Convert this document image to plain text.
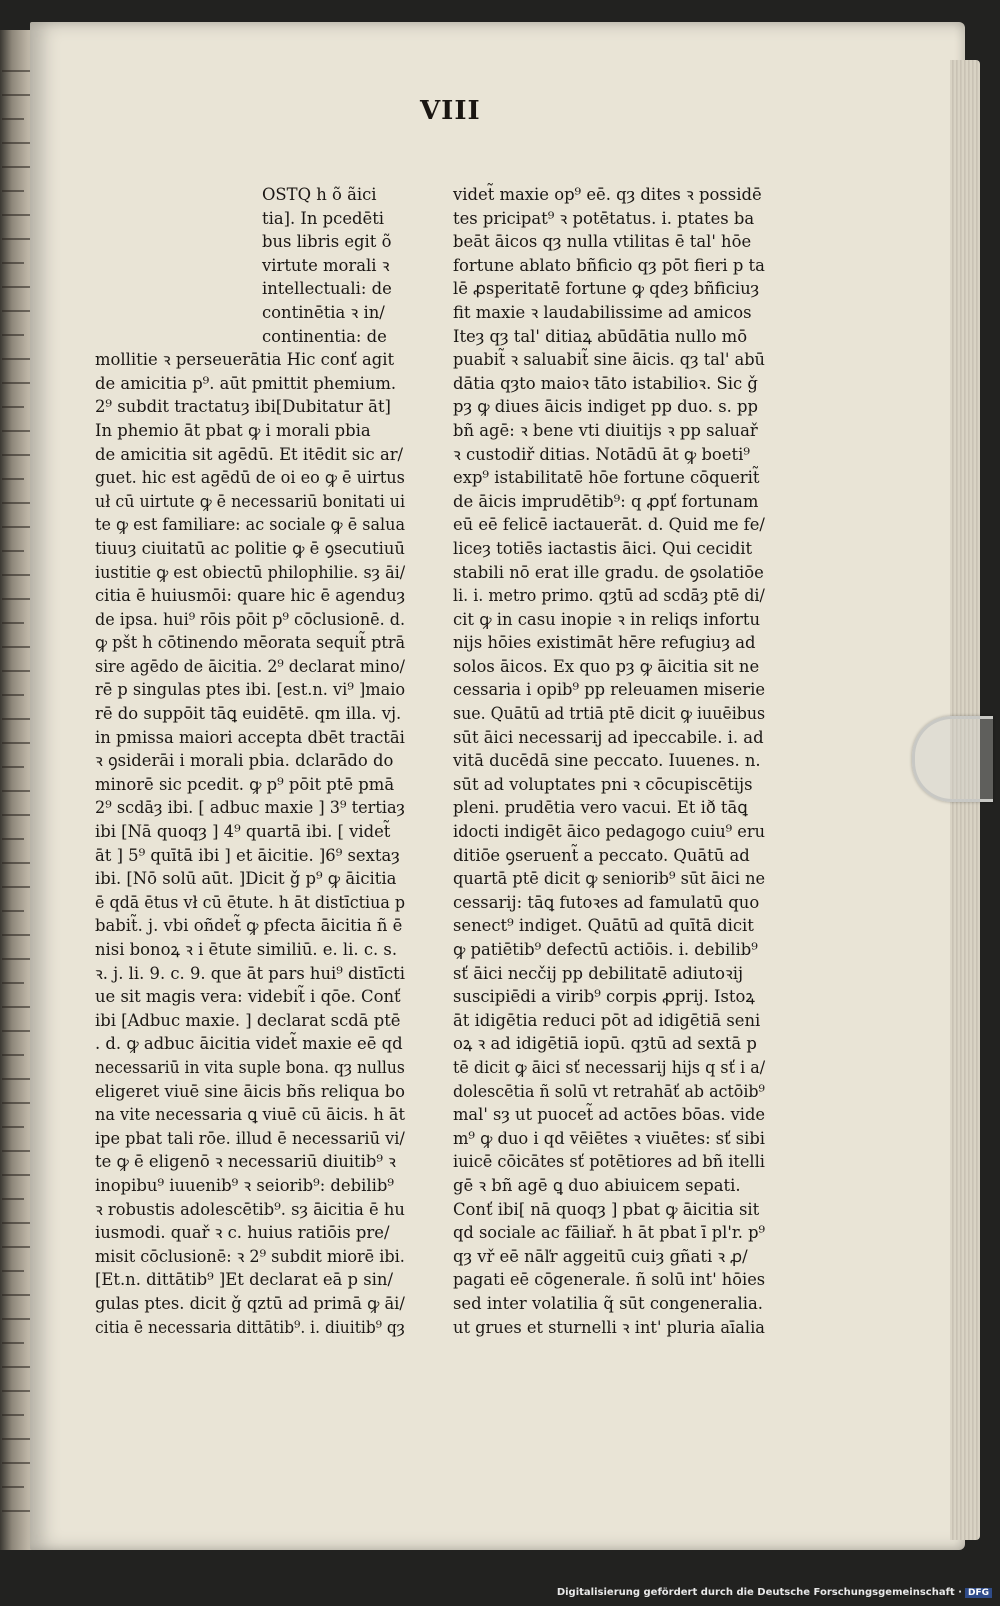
VIII
OSTQ h õ ãici
tia]. In pcedēti
bus libris egit õ
virtute morali ꝛ
intellectuali: de
continētia ꝛ in/
continentia: de
mollitie ꝛ perseuerātia Hic conť agit
de amicitia p⁹. aūt pmittit phemium.
2⁹ subdit tractatuȝ ibi[Dubitatur āt]
In phemio āt pbat ꝙ i morali pbia
de amicitia sit agēdū. Et itēdit sic ar/
guet. hic est agēdū de oi eo ꝙ ē uirtus
uł cū uirtute ꝙ ē necessariū bonitati ui
te ꝙ est familiare: ac sociale ꝙ ē salua
tiuuȝ ciuitatū ac politie ꝙ ē ꝯsecutiuū
iustitie ꝙ est obiectū philophilie. sȝ āi/
citia ē huiusmōi: quare hic ē agenduȝ
de ipsa. hui⁹ rōis pōit p⁹ cōclusionē. d.
ꝙ pšt h cōtinendo mēorata sequit̃ ptrā
sire agēdo de āicitia. 2⁹ declarat mino/
rē p singulas ptes ibi. [est.n. vi⁹ ]maio
rē do suppōit tāꝗ euidētē. qm illa. vj.
in pmissa maiori accepta dbēt tractāi
ꝛ ꝯsiderāi i morali pbia. dclarādo do
minorē sic pcedit. ꝙ p⁹ pōit ptē pmā
2⁹ scdāȝ ibi. [ adbuc maxie ] 3⁹ tertiaȝ
ibi [Nā quoqȝ ] 4⁹ quartā ibi. [ videt̃
āt ] 5⁹ quītā ibi ] et āicitie. ]6⁹ sextaȝ
ibi. [Nō solū aūt. ]Dicit ǧ p⁹ ꝙ āicitia
ē qdā ētus vł cū ētute. h āt distīctiua p
babit̃. j. vbi oñdet̃ ꝙ pfecta āicitia ñ ē
nisi bonoꝝ ꝛ i ētute similiū. e. li. c. s.
ꝛ. j. li. 9. c. 9. que āt pars hui⁹ distīcti
ue sit magis vera: videbit̃ i qōe. Conť
ibi [Adbuc maxie. ] declarat scdā ptē
. d. ꝙ adbuc āicitia videt̃ maxie eē qd
necessariū in vita suple bona. qȝ nullus
eligeret viuē sine āicis bñs reliqua bo
na vite necessaria ꝗ viuē cū āicis. h āt
ipe pbat tali rōe. illud ē necessariū vi/
te ꝙ ē eligenō ꝛ necessariū diuitib⁹ ꝛ
inopibu⁹ iuuenib⁹ ꝛ seiorib⁹: debilib⁹
ꝛ robustis adolescētib⁹. sȝ āicitia ē hu
iusmodi. quař ꝛ c. huius ratiōis pre/
misit cōclusionē: ꝛ 2⁹ subdit miorē ibi.
[Et.n. dittātib⁹ ]Et declarat eā p sin/
gulas ptes. dicit ǧ qztū ad primā ꝙ āi/
citia ē necessaria dittātib⁹. i. diuitib⁹ qȝ
videt̃ maxie op⁹ eē. qȝ dites ꝛ possidē
tes pricipat⁹ ꝛ potētatus. i. ptates ba
beāt āicos qȝ nulla vtilitas ē tal' hōe
fortune ablato bñficio qȝ pōt fieri p ta
lē ꝓsperitatē fortune ꝙ qdeȝ bñficiuȝ
fit maxie ꝛ laudabilissime ad amicos
Iteȝ qȝ tal' ditiaꝝ abūdātia nullo mō
puabit̃ ꝛ saluabit̃ sine āicis. qȝ tal' abū
dātia qȝto maioꝛ tāto istabilioꝛ. Sic ǧ
pȝ ꝙ diues āicis indiget pp duo. s. pp
bñ agē: ꝛ bene vti diuitijs ꝛ pp saluař
ꝛ custodiř ditias. Notādū āt ꝙ boeti⁹
exp⁹ istabilitatē hōe fortune cōquerit̃
de āicis imprudētib⁹: q ꝓpť fortunam
eū eē felicē iactauerāt. d. Quid me fe/
liceȝ totiēs iactastis āici. Qui cecidit
stabili nō erat ille gradu. de ꝯsolatiōe
li. i. metro primo. qȝtū ad scdāȝ ptē di/
cit ꝙ in casu inopie ꝛ in reliqs infortu
nijs hōies existimāt hēre refugiuȝ ad
solos āicos. Ex quo pȝ ꝙ āicitia sit ne
cessaria i opib⁹ pp releuamen miserie
sue. Quātū ad trtiā ptē dicit ꝙ iuuēibus
sūt āici necessarij ad ipeccabile. i. ad
vitā ducēdā sine peccato. Iuuenes. n.
sūt ad voluptates pni ꝛ cōcupiscētijs
pleni. prudētia vero vacui. Et ið tāꝗ
idocti indigēt āico pedagogo cuiu⁹ eru
ditiōe ꝯseruent̃ a peccato. Quātū ad
quartā ptē dicit ꝙ seniorib⁹ sūt āici ne
cessarij: tāꝗ futoꝛes ad famulatū quo
senect⁹ indiget. Quātū ad quītā dicit
ꝙ patiētib⁹ defectū actiōis. i. debilib⁹
sť āici necčij pp debilitatē adiutoꝛij
suscipiēdi a virib⁹ corpis ꝓprij. Istoꝝ
āt idigētia reduci pōt ad idigētiā seni
oꝝ ꝛ ad idigētiā iopū. qȝtū ad sextā p
tē dicit ꝙ āici sť necessarij hijs q sť i a/
dolescētia ñ solū vt retrahāť ab actōib⁹
mal' sȝ ut puocet̃ ad actōes bōas. vide
m⁹ ꝙ duo i qd vēiētes ꝛ viuētes: sť sibi
iuicē cōicātes sť potētiores ad bñ itelli
gē ꝛ bñ agē ꝗ duo abiuicem sepati.
Conť ibi[ nā quoqȝ ] pbat ꝙ āicitia sit
qd sociale ac fāiliař. h āt pbat ī pl'r. p⁹
qȝ vř eē nāľr aggeitū cuiȝ gñati ꝛ ꝓ/
pagati eē cōgenerale. ñ solū int' hōies
sed inter volatilia q̃ sūt congeneralia.
ut grues et sturnelli ꝛ int' pluria aīalia
Digitalisierung gefördert durch die Deutsche Forschungsgemeinschaft · DFG
